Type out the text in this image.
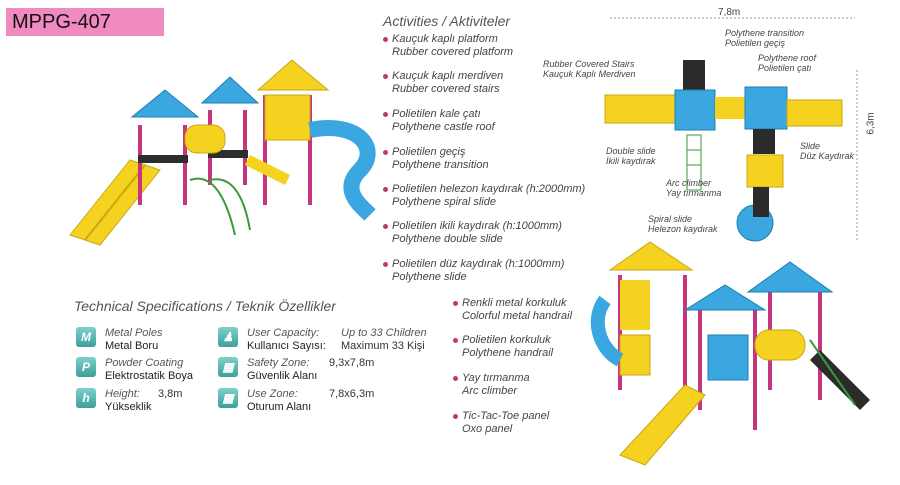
MPPG-407	Activities / Aktiviteler
Kauçuk kaplı platform
Rubber covered platform
Kauçuk kaplı merdiven
Rubber covered stairs
Polietilen kale çatı
Polythene castle roof
Polietilen geçiş
Polythene transition
Polietilen helezon kaydırak (h:2000mm)
Polythene spiral slide
Polietilen ikili kaydırak (h:1000mm)
Polythene double slide
Polietilen düz kaydırak (h:1000mm)
Polythene slide
Renkli metal korkuluk
Colorful metal handrail
Polietilen korkuluk
Polythene handrail
Yay tırmanma
Arc climber
Tic-Tac-Toe panel
Oxo panel
Technical Specifications / Teknik Özellikler
M	Metal Poles
Metal Boru
P	Powder Coating
Elektrostatik Boya
h	Height:
Yükseklik
3,8m
♟	User Capacity:
Kullanıcı Sayısı:
Up to 33 Children
Maximum 33 Kişi
▦	Safety Zone:
Güvenlik Alanı
9,3x7,8m
▩	Use Zone:
Oturum Alanı
7,8x6,3m
7,8m
6,3m
Polythene transition
Polietilen geçiş
Rubber Covered Stairs
Kauçuk Kaplı Merdiven
Polythene roof
Polietilen çatı
Double slide
İkili kaydırak
Slide
Düz Kaydırak
Arc climber
Yay tırmanma
Spiral slide
Helezon kaydırak
